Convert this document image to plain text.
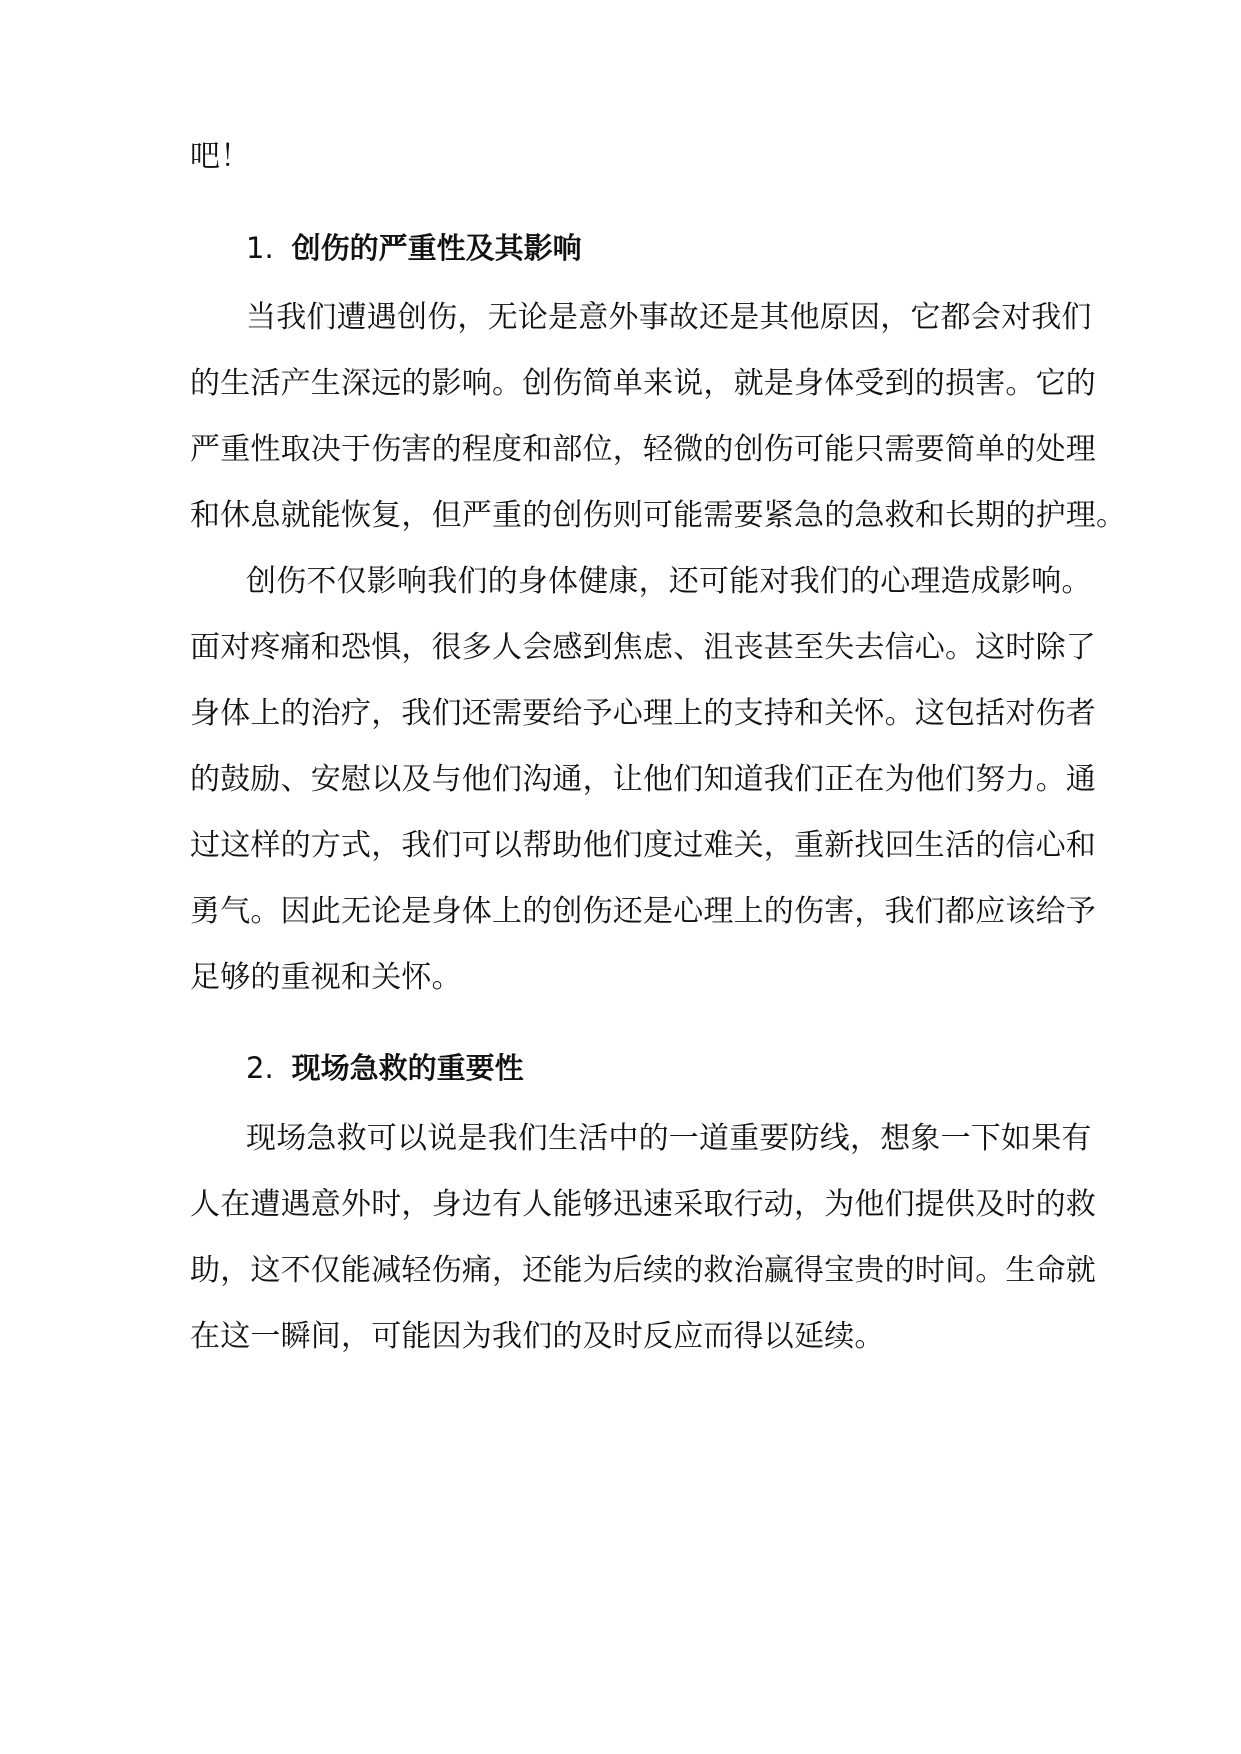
吧！
1. 创伤的严重性及其影响
当我们遭遇创伤，无论是意外事故还是其他原因，它都会对我们
的生活产生深远的影响。创伤简单来说，就是身体受到的损害。它的
严重性取决于伤害的程度和部位，轻微的创伤可能只需要简单的处理
和休息就能恢复，但严重的创伤则可能需要紧急的急救和长期的护理。
创伤不仅影响我们的身体健康，还可能对我们的心理造成影响。
面对疼痛和恐惧，很多人会感到焦虑、沮丧甚至失去信心。这时除了
身体上的治疗，我们还需要给予心理上的支持和关怀。这包括对伤者
的鼓励、安慰以及与他们沟通，让他们知道我们正在为他们努力。通
过这样的方式，我们可以帮助他们度过难关，重新找回生活的信心和
勇气。因此无论是身体上的创伤还是心理上的伤害，我们都应该给予
足够的重视和关怀。
2. 现场急救的重要性
现场急救可以说是我们生活中的一道重要防线，想象一下如果有
人在遭遇意外时，身边有人能够迅速采取行动，为他们提供及时的救
助，这不仅能减轻伤痛，还能为后续的救治赢得宝贵的时间。生命就
在这一瞬间，可能因为我们的及时反应而得以延续。
